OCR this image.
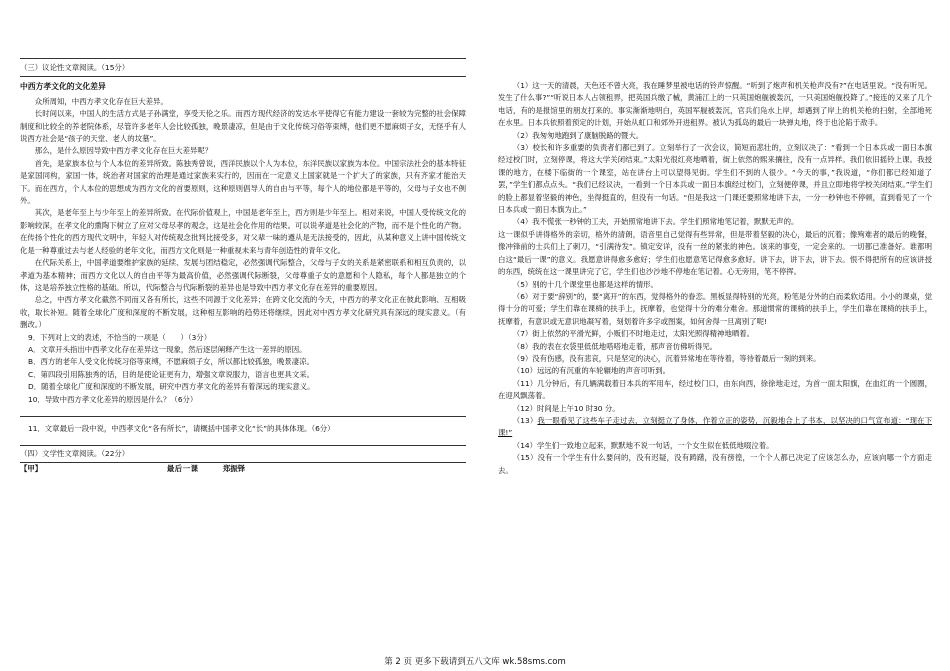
（三）议论性文章阅读。（15分）

中西方孝文化的文化差异

众所周知，中西方孝文化存在巨大差异。

长时间以来，中国人的生活方式是子孙满堂，享受天伦之乐。而西方现代经济的发达水平使得它有能力建设一套较为完整的社会保障制度和比较全的养老院体系，尽管许多老年人会比较孤独，晚景凄凉，但是由于文化传统习俗等束缚，他们更不愿麻烦子女，无怪乎有人说西方社会是“孩子的天堂、老人的坟墓”。

那么，是什么原因导致中西方孝文化存在巨大差异呢？

首先，是家族本位与个人本位的差异所致。陈独秀曾说，西洋民族以个人为本位，东洋民族以家族为本位。中国宗法社会的基本特征是家国同构，家国一体，统治者对国家的治理是通过家族来实行的，因而在一定意义上国家就是一个扩大了的家族，只有齐家才能治天下。而在西方，个人本位的思想成为西方文化的首要原则，这种原则倡导人的自由与平等，每个人的地位都是平等的，父母与子女也不例外。

其次，是老年至上与少年至上的差异所致。在代际价值观上，中国是老年至上，西方则是少年至上。相对来说，中国人受传统文化的影响较深，在孝文化的熏陶下树立了应对父母尽孝的观念，这是社会化作用的结果。可以说孝道是社会化的产物，而不是个性化的产物。在传扬个性化的西方现代文明中，年轻人对传统观念批判比接受多，对父辈一味的遵从是无法接受的，因此，从某种意义上讲中国传统文化是一种尊重过去与老人经验的老年文化，而西方文化则是一种重视未来与青年创造性的青年文化。

在代际关系上，中国孝道要维护家族的延续、发展与团结稳定，必然强调代际整合，父母与子女的关系是紧密联系和相互负责的，以孝道为基本精神；而西方文化以人的自由平等为最高价值，必然强调代际断裂，父母尊重子女的意愿和个人隐私，每个人都是独立的个体，这是培养独立性格的基础。所以，代际整合与代际断裂的差异也是导致中西方孝文化存在差异的重要原因。

总之，中西方孝文化截然不同而又各有所长，这些不同源于文化差异；在跨文化交流的今天，中西方的孝文化正在彼此影响、互相吸收，取长补短。随着全球化广度和深度的不断发展，这种相互影响的趋势还将继续，因此对中西方孝文化研究具有深远的现实意义。（有删改。）

9．下列对上文的表述，不恰当的一项是（　　）（3分）

A．文章开头指出中西孝文化存在差异这一现象，然后逐层阐释产生这一差异的原因。

B．西方的老年人受文化传统习俗等束缚，不愿麻烦子女，所以都比较孤独，晚景凄凉。

C．第四段引用陈独秀的话，目的是使论证更有力，增强文章说服力，语言也更具文采。

D．随着全球化广度和深度的不断发展，研究中西方孝文化的差异有着深远的现实意义。

10．导致中西方孝文化差异的原因是什么？（6分）

11．文章最后一段中说，中西孝文化“各有所长”，请概括中国孝文化“长”的具体体现。（6分）

（四）文学性文章阅读。（22分）

【甲】	最后一课	郑振铎

（1）这一天的清晨，天色还不曾大亮，我在睡梦里被电话的铃声惊醒。“听到了炮声和机关枪声没有?”在电话里说。“没有听见。发生了什么事?”“听说日本人占领租界，把英国兵缴了械，黄浦江上的一只英国炮舰被轰沉，一只美国炮舰投降了。”接连的又来了几个电话，有的是报馆里的朋友打来的。事实渐渐地明白，英国军舰被轰沉，官兵们凫水上岸，却遇到了岸上的机关枪的扫射，全部地死在水里。日本兵依照着预定的计划，开始从虹口和郊外开进租界。被认为孤岛的最后一块弹丸地，终于也沦陷于敌手。

（2）我匆匆地跑到了康脑脱路的暨大。

（3）校长和许多重要的负责者们都已到了。立刻举行了一次会议，简短而悲壮的，立刻议决了：“看到一个日本兵或一面日本旗经过校门时，立刻停课，将这大学关闭结束。”太阳光很红亮地晒着，街上依然的熙来攘往，没有一点异样。我们依旧摇铃上课。我授课的地方，在楼下临街的一个课室，站在讲台上可以望得见街。学生们不到的人很少。“今天的事，”我说道，“你们都已经知道了罢，”学生们都点点头。“我们已经议决，一看到一个日本兵或一面日本旗经过校门，立刻便停课，并且立即地将学校关闭结束。”学生们的脸上都显着坚毅的神色，坐得挺直的，但没有一句话。“但是我这一门课还要照常地讲下去，一分一秒钟也不停顿，直到看见了一个日本兵或一面日本旗为止。”

（4）我不慌张一秒钟的工夫，开始照常地讲下去。学生们照常地笔记着，默默无声的。

这一课似乎讲得格外的亲切，格外的清朗，语音里自己觉得有些异常，但是带着坚毅的决心，最后的沉着；像殉难者的最后的晚餐，像冲锋前的士兵们上了刺刀，“引满待发”。镇定安详，没有一丝的紧张的神色。该来的事变，一定会来的。一切都已准备好。谁都明白这“最后一课”的意义。我愿意讲得愈多愈好；学生们也愿意笔记得愈多愈好。讲下去，讲下去，讲下去。恨不得把所有的应该讲授的东西，统统在这一课里讲完了它，学生们也沙沙地不停地在笔记着。心无旁用，笔不停挥。

（5）别的十几个课堂里也都是这样的情形。

（6）对于要“辞别”的，要“离开”的东西，觉得格外的眷恋。黑板显得特别的光亮，粉笔是分外的白而柔软适用。小小的课桌，觉得十分的可爱；学生们靠在课椅的扶手上，抚摩着，也觉得十分的难分难舍。那道惯常的课椅的扶手上，学生们靠在课椅的扶手上，抚摩着，有意识或无意识地凝写着，刻划着许多字或图案，如何舍得一旦离别了呢!

（7）街上依然的平滑光鲜，小贩们不时地走过，太阳光照得精神地晒着。

（8）我的表在衣袋里低低地嗒嗒地走着，那声音仿佛听得见。

（9）没有伤感，没有悲哀，只是坚定的决心，沉着异常地在等待着，等待着最后一刻的到来。

（10）远远的有沉重的车轮辗地的声音可听到。

（11）几分钟后，有几辆满载着日本兵的军用车，经过校门口，由东向西，徐徐地走过，为首一面太阳旗，在血红的一个圆圈，在迎风飘荡着。

（12）时间是上午10 时30 分。

（13）我一眼看见了这些车子走过去，立刻挺立了身体，作着立正的姿势，沉毅地合上了书本，以坚决的口气宣布道：“现在下课!”

（14）学生们一致地立起来，默默地不说一句话，一个女生似在低低地啜泣着。

（15）没有一个学生有什么要问的，没有迟疑，没有踌躇，没有徬徨，一个个人都已决定了应该怎么办，应该向哪一个方面走去。

第 2 页 更多下载请到五八文库 wk.58sms.com
